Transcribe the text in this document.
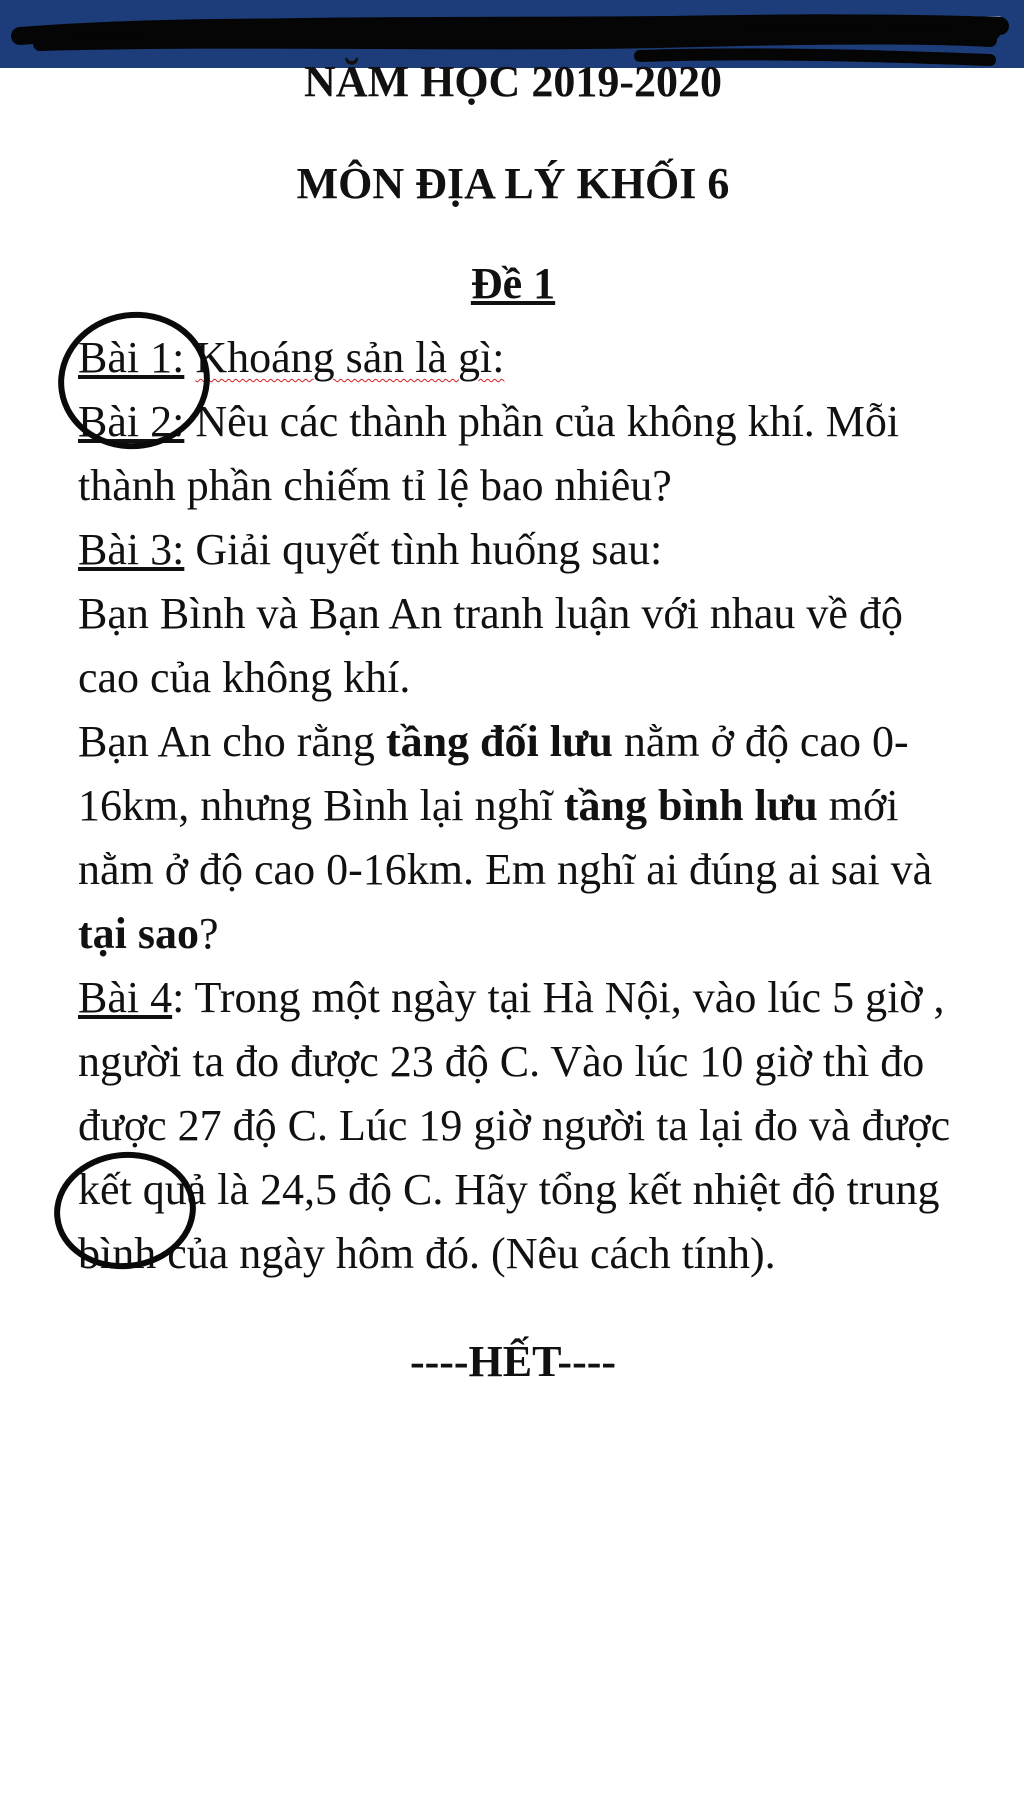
◌ ◠ ↕ 99% 15:27

NĂM HỌC 2019-2020

MÔN ĐỊA LÝ KHỐI 6

Đề 1

Bài 1: Khoáng sản là gì:

Bài 2: Nêu các thành phần của không khí. Mỗi thành phần chiếm tỉ lệ bao nhiêu?

Bài 3: Giải quyết tình huống sau:

Bạn Bình và Bạn An tranh luận với nhau về độ cao của không khí.

Bạn An cho rằng tầng đối lưu nằm ở độ cao 0-16km, nhưng Bình lại nghĩ tầng bình lưu mới nằm ở độ cao 0-16km. Em nghĩ ai đúng ai sai và tại sao?

Bài 4: Trong một ngày tại Hà Nội, vào lúc 5 giờ , người ta đo được 23 độ C. Vào lúc 10 giờ thì đo được 27 độ C. Lúc 19 giờ người ta lại đo và được kết quả là 24,5 độ C. Hãy tổng kết nhiệt độ trung bình của ngày hôm đó. (Nêu cách tính).

----HẾT----
